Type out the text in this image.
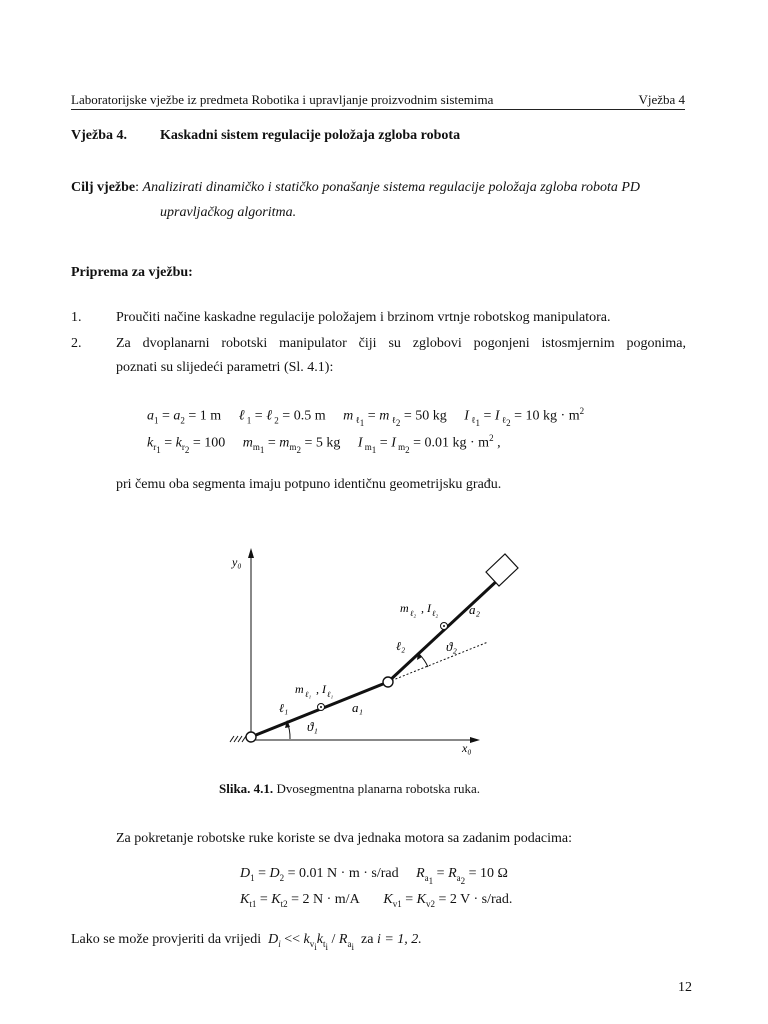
Laboratorijske vježbe iz predmeta Robotika i upravljanje proizvodnim sistemima	Vježba 4
Vježba 4. Kaskadni sistem regulacije položaja zgloba robota
Cilj vježbe: Analizirati dinamičko i statičko ponašanje sistema regulacije položaja zgloba robota PD
upravljačkog algoritma.
Priprema za vježbu:
1. Proučiti načine kaskadne regulacije položajem i brzinom vrtnje robotskog manipulatora.
2. Za dvoplanarni robotski manipulator čiji su zglobovi pogonjeni istosmjernim pogonima,
poznati su slijedeći parametri (Sl. 4.1):
$a_1 = a_2 = 1$ m     ℓ $_1$ = ℓ $_2$ = 0.5 m     m $_{\ell_1}$ = m $_{\ell_2}$ = 50 kg     I $_{\ell_1}$ = I $_{\ell_2}$ = 10 kg · $m^2$
$k_{r_1} = k_{r_2} = 100$     $m_{m_1} = m_{m_2} = 5$ kg     I $_{m_1}$ = I $_{m_2}$ = 0.01 kg · $m^2$ ,
pri čemu oba segmenta imaju potpuno identičnu geometrijsku građu.
y₀
x₀
ℓ₁
ℓ₂
a₁
a₂
ϑ₁
ϑ₂
m ℓ₁ , I ℓ₁
m ℓ₂ , I ℓ₂
Slika. 4.1. Dvosegmentna planarna robotska ruka.
Za pokretanje robotske ruke koriste se dva jednaka motora sa zadanim podacima:
$D_1 = D_2 = 0.01$ N · m · s/rad     $R_{a_1} = R_{a_2} = 10$ Ω
$K_{t1} = K_{t2} = 2$ N · m/A       $K_{v1} = K_{v2} = 2$ V · s/rad.
Lako se može provjeriti da vrijedi $D_i << k_{v_i}k_{t_i} / R_{a_i}$ za i = 1, 2.
12
